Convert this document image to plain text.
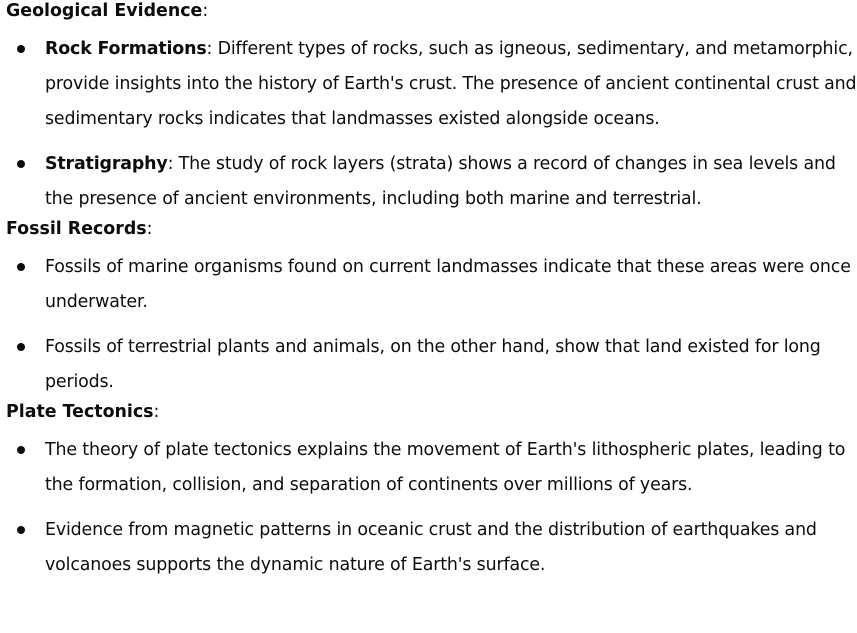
Geological Evidence:
Rock Formations: Different types of rocks, such as igneous, sedimentary, and metamorphic, provide insights into the history of Earth's crust. The presence of ancient continental crust and sedimentary rocks indicates that landmasses existed alongside oceans.
Stratigraphy: The study of rock layers (strata) shows a record of changes in sea levels and the presence of ancient environments, including both marine and terrestrial.
Fossil Records:
Fossils of marine organisms found on current landmasses indicate that these areas were once underwater.
Fossils of terrestrial plants and animals, on the other hand, show that land existed for long periods.
Plate Tectonics:
The theory of plate tectonics explains the movement of Earth's lithospheric plates, leading to the formation, collision, and separation of continents over millions of years.
Evidence from magnetic patterns in oceanic crust and the distribution of earthquakes and volcanoes supports the dynamic nature of Earth's surface.
